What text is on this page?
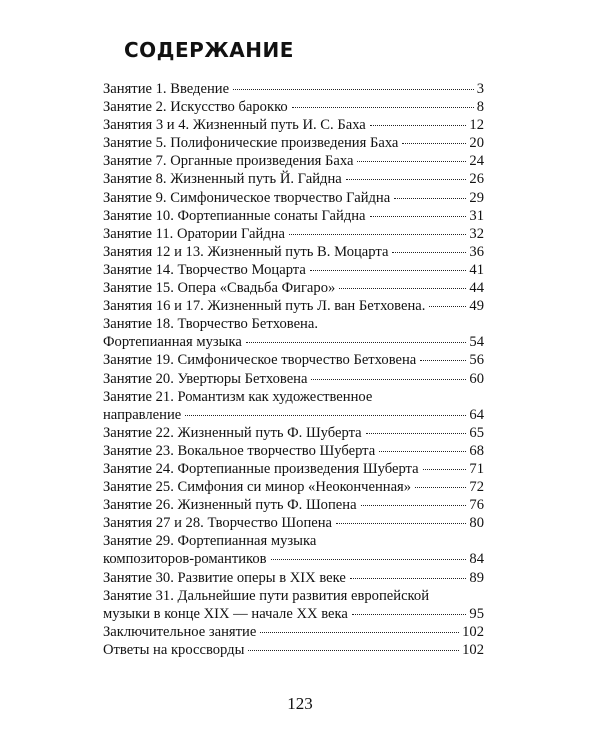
СОДЕРЖАНИЕ
Занятие 1. Введение	3
Занятие 2. Искусство барокко	8
Занятия 3 и 4. Жизненный путь И. С. Баха	12
Занятие 5. Полифонические произведения Баха	20
Занятие 7. Органные произведения Баха	24
Занятие 8. Жизненный путь Й. Гайдна	26
Занятие 9. Симфоническое творчество Гайдна	29
Занятие 10. Фортепианные сонаты Гайдна	31
Занятие 11. Оратории Гайдна	32
Занятия 12 и 13. Жизненный путь В. Моцарта	36
Занятие 14. Творчество Моцарта	41
Занятие 15. Опера «Свадьба Фигаро»	44
Занятия 16 и 17. Жизненный путь Л. ван Бетховена.	49
Занятие 18. Творчество Бетховена.
Фортепианная музыка	54
Занятие 19. Симфоническое творчество Бетховена	56
Занятие 20. Увертюры Бетховена	60
Занятие 21. Романтизм как художественное
направление	64
Занятие 22. Жизненный путь Ф. Шуберта	65
Занятие 23. Вокальное творчество Шуберта	68
Занятие 24. Фортепианные произведения Шуберта	71
Занятие 25. Симфония си минор «Неоконченная»	72
Занятие 26. Жизненный путь Ф. Шопена	76
Занятия 27 и 28. Творчество Шопена	80
Занятие 29. Фортепианная музыка
композиторов-романтиков	84
Занятие 30. Развитие оперы в XIX веке	89
Занятие 31. Дальнейшие пути развития европейской
музыки в конце XIX — начале XX века	95
Заключительное занятие	102
Ответы на кроссворды	102
123
